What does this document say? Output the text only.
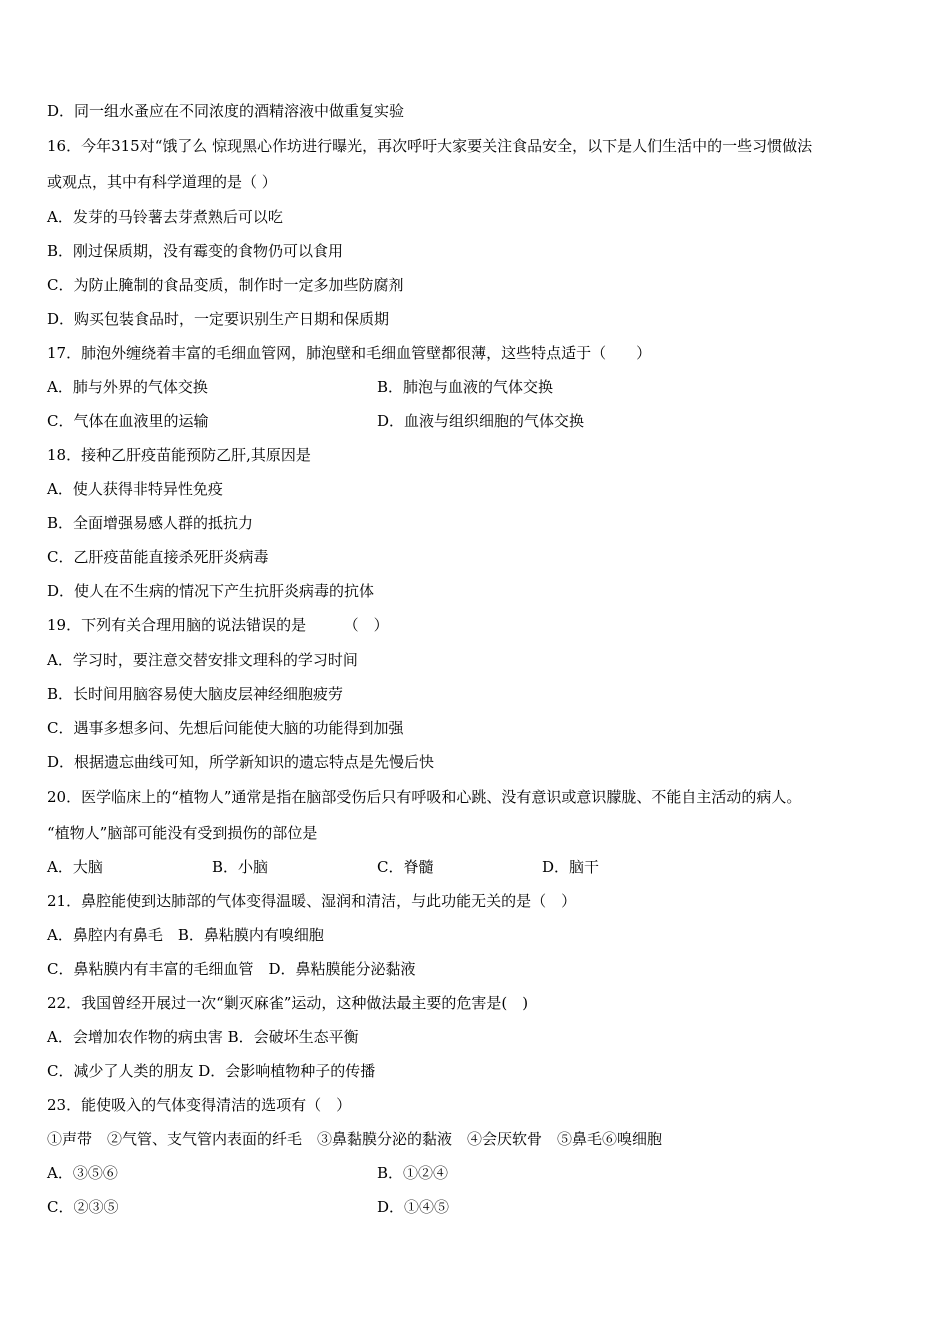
D．同一组水蚤应在不同浓度的酒精溶液中做重复实验
16．今年315对“饿了么 惊现黑心作坊进行曝光，再次呼吁大家要关注食品安全，以下是人们生活中的一些习惯做法
或观点，其中有科学道理的是（ ）
A．发芽的马铃薯去芽煮熟后可以吃
B．刚过保质期，没有霉变的食物仍可以食用
C．为防止腌制的食品变质，制作时一定多加些防腐剂
D．购买包装食品时，一定要识别生产日期和保质期
17．肺泡外缠绕着丰富的毛细血管网，肺泡壁和毛细血管壁都很薄，这些特点适于（　　）
A．肺与外界的气体交换	B．肺泡与血液的气体交换
C．气体在血液里的运输	D．血液与组织细胞的气体交换
18．接种乙肝疫苗能预防乙肝,其原因是
A．使人获得非特异性免疫
B．全面增强易感人群的抵抗力
C．乙肝疫苗能直接杀死肝炎病毒
D．使人在不生病的情况下产生抗肝炎病毒的抗体
19．下列有关合理用脑的说法错误的是　　　（　）
A．学习时，要注意交替安排文理科的学习时间
B．长时间用脑容易使大脑皮层神经细胞疲劳
C．遇事多想多问、先想后问能使大脑的功能得到加强
D．根据遗忘曲线可知，所学新知识的遗忘特点是先慢后快
20．医学临床上的“植物人”通常是指在脑部受伤后只有呼吸和心跳、没有意识或意识朦胧、不能自主活动的病人。
“植物人”脑部可能没有受到损伤的部位是
A．大脑	B．小脑	C．脊髓	D．脑干
21．鼻腔能使到达肺部的气体变得温暖、湿润和清洁，与此功能无关的是（　）
A．鼻腔内有鼻毛　B．鼻粘膜内有嗅细胞
C．鼻粘膜内有丰富的毛细血管　D．鼻粘膜能分泌黏液
22．我国曾经开展过一次“剿灭麻雀”运动，这种做法最主要的危害是(　)
A．会增加农作物的病虫害 B．会破坏生态平衡
C．减少了人类的朋友 D．会影响植物种子的传播
23．能使吸入的气体变得清洁的选项有（　）
①声带　②气管、支气管内表面的纤毛　③鼻黏膜分泌的黏液　④会厌软骨　⑤鼻毛⑥嗅细胞
A．③⑤⑥	B．①②④
C．②③⑤	D．①④⑤
